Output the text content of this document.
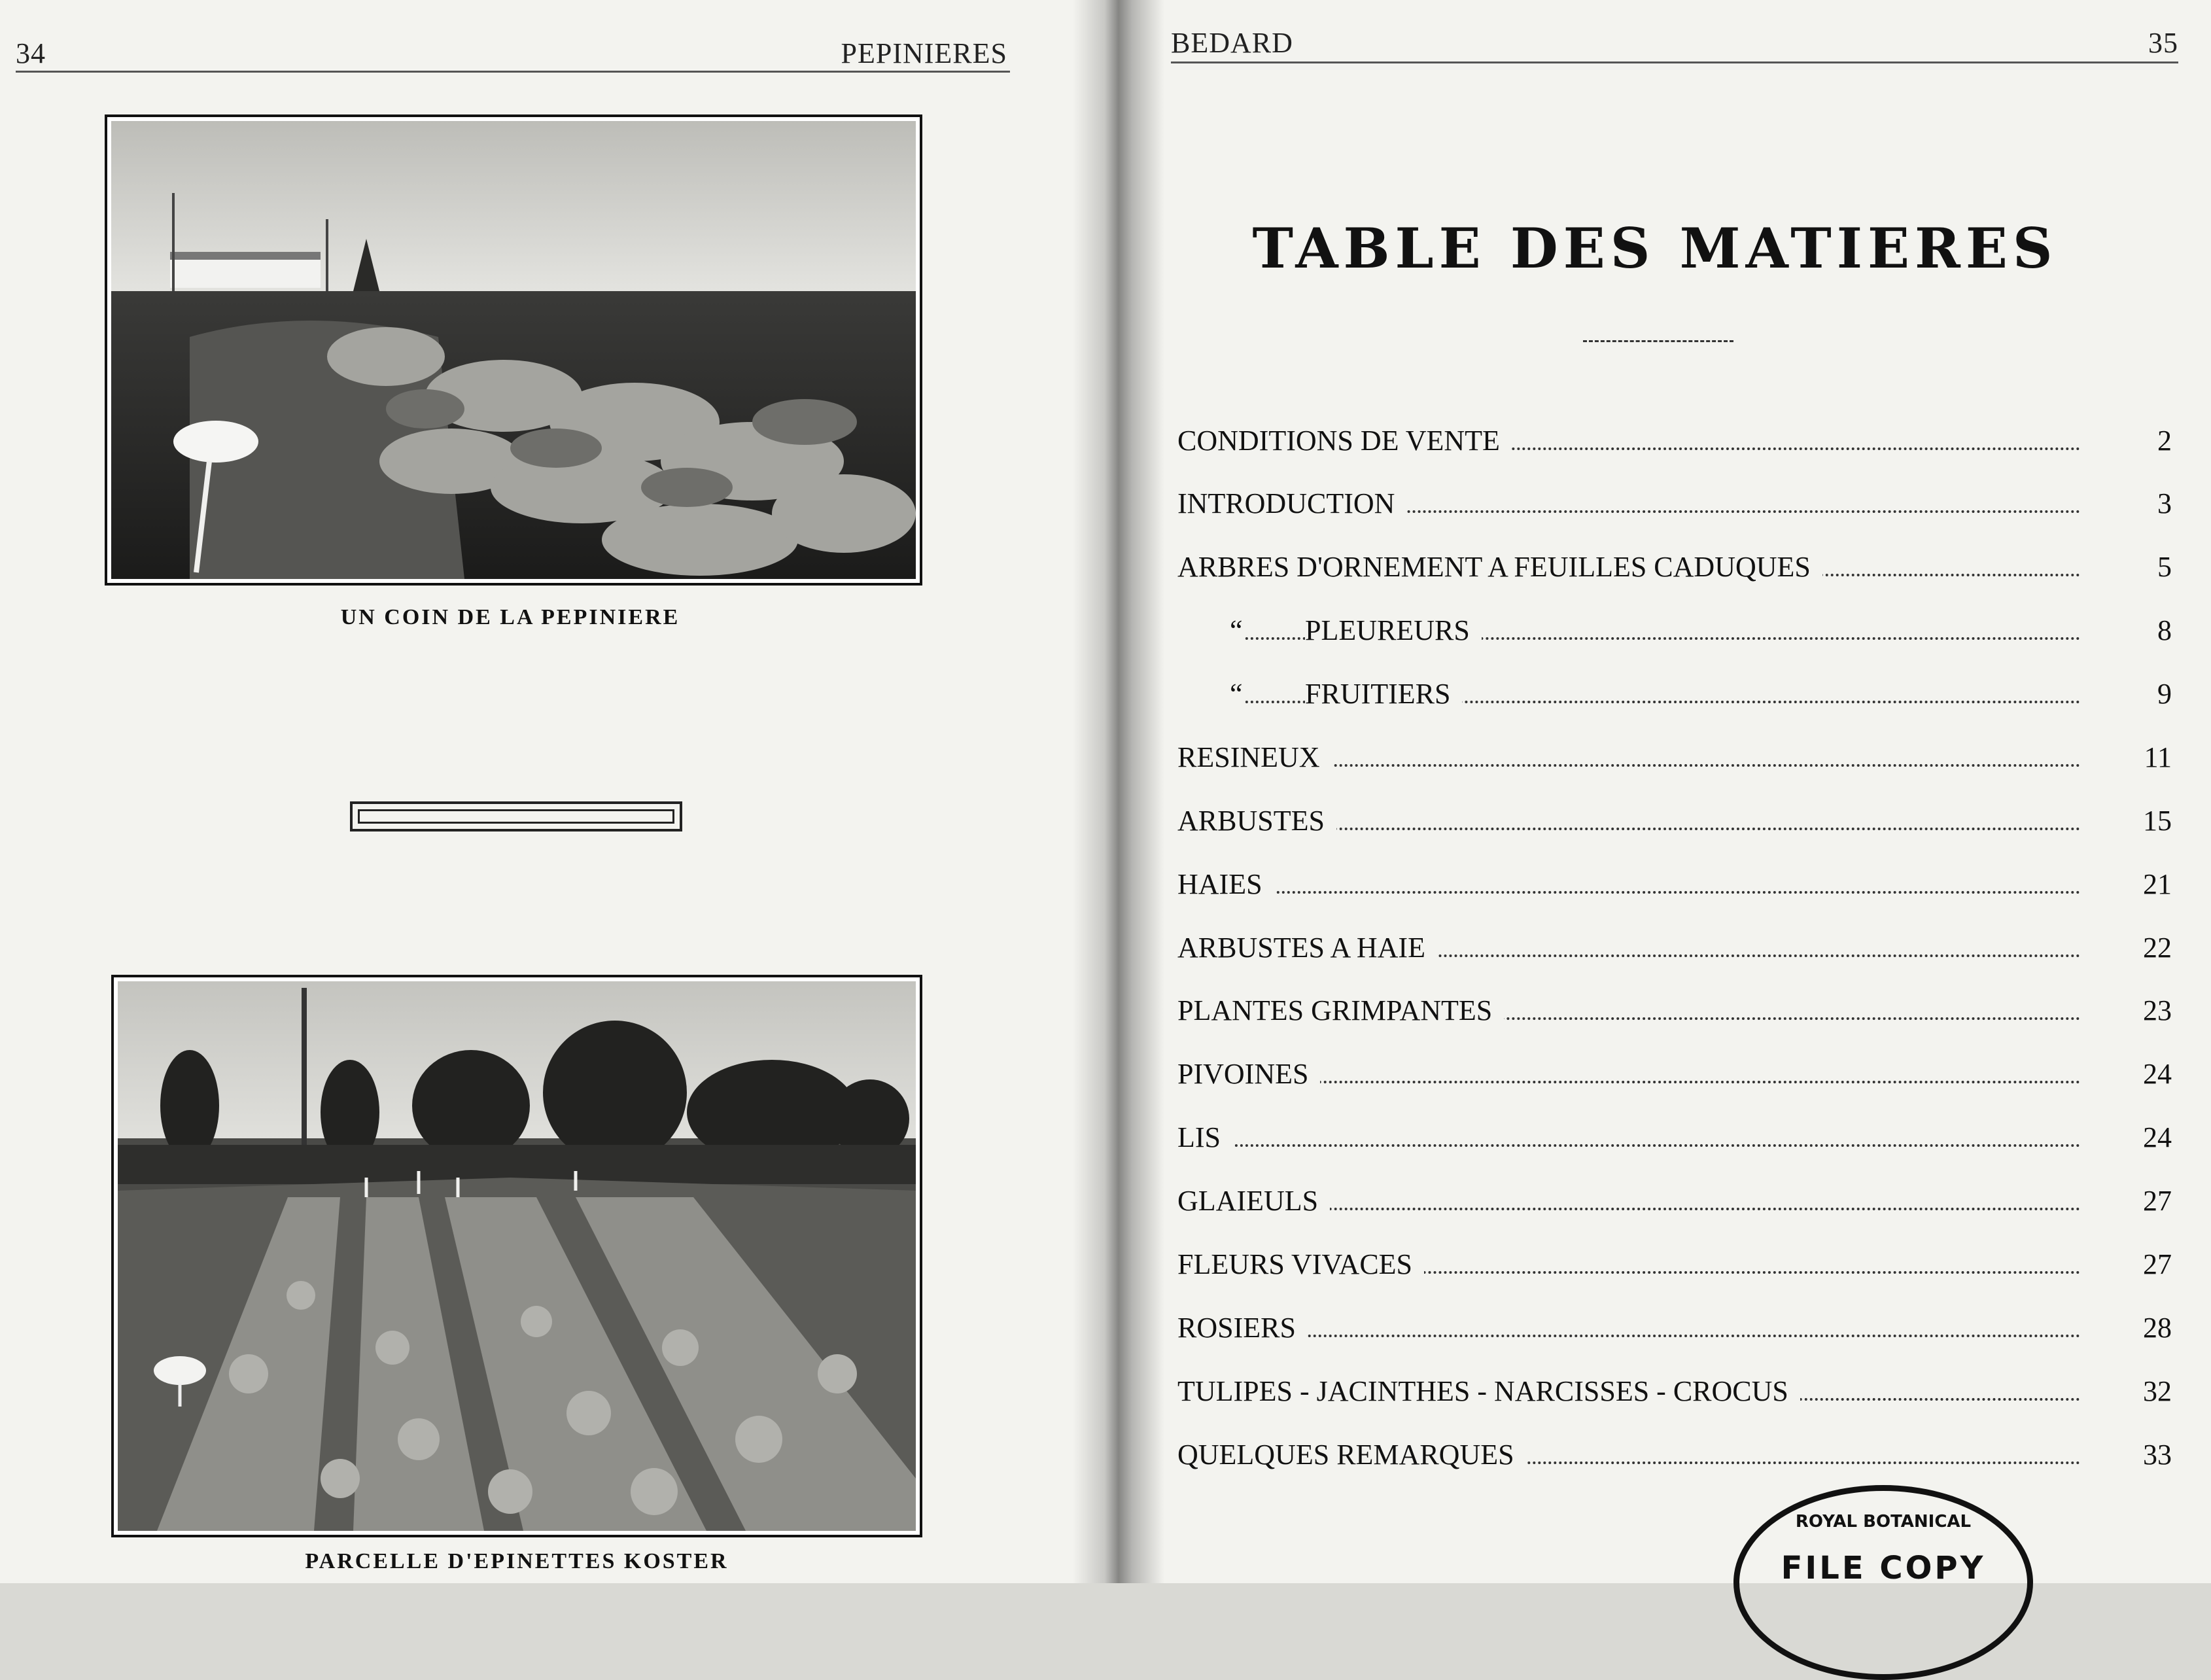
34	PEPINIERES
UN COIN DE LA PEPINIERE
PARCELLE D'EPINETTES KOSTER
BEDARD	35
TABLE DES MATIERES
CONDITIONS DE VENTE	2
INTRODUCTION	3
ARBRES D'ORNEMENT A FEUILLES CADUQUES	5
“ PLEUREURS	8
“ FRUITIERS	9
RESINEUX	11
ARBUSTES	15
HAIES	21
ARBUSTES A HAIE	22
PLANTES GRIMPANTES	23
PIVOINES	24
LIS	24
GLAIEULS	27
FLEURS VIVACES	27
ROSIERS	28
TULIPES - JACINTHES - NARCISSES - CROCUS	32
QUELQUES REMARQUES	33
ROYAL BOTANICAL
FILE COPY
